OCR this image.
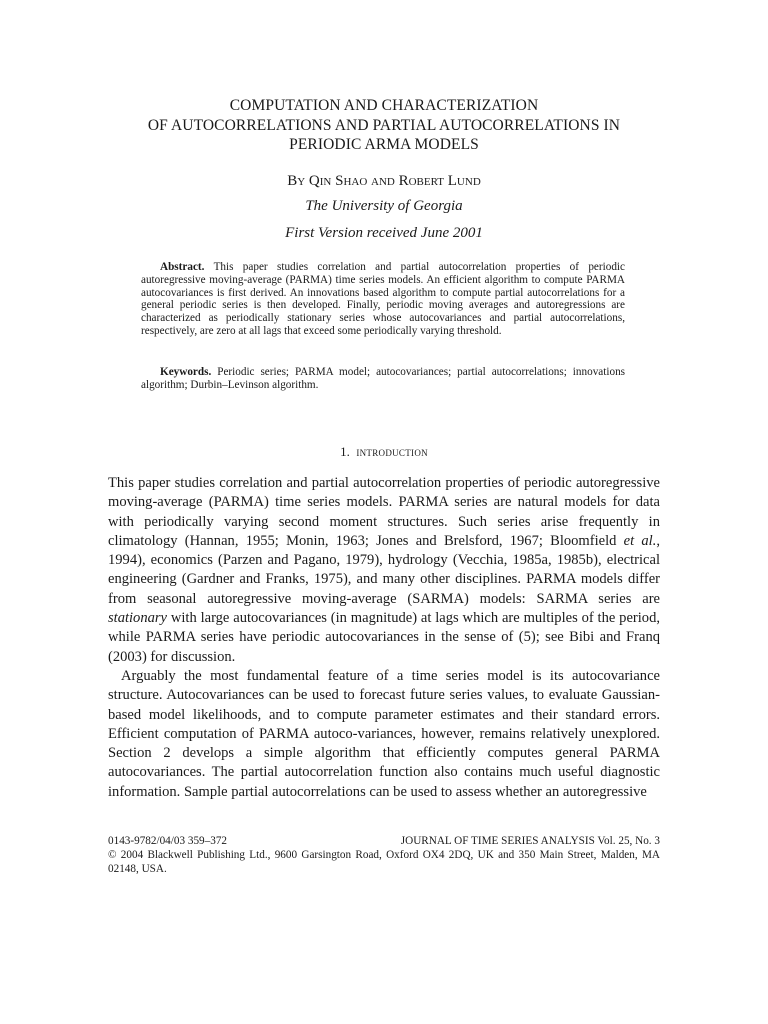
COMPUTATION AND CHARACTERIZATION
OF AUTOCORRELATIONS AND PARTIAL AUTOCORRELATIONS IN
PERIODIC ARMA MODELS
By Qin Shao and Robert Lund
The University of Georgia
First Version received June 2001
Abstract. This paper studies correlation and partial autocorrelation properties of periodic autoregressive moving-average (PARMA) time series models. An efficient algorithm to compute PARMA autocovariances is first derived. An innovations based algorithm to compute partial autocorrelations for a general periodic series is then developed. Finally, periodic moving averages and autoregressions are characterized as periodically stationary series whose autocovariances and partial autocorrelations, respectively, are zero at all lags that exceed some periodically varying threshold.
Keywords. Periodic series; PARMA model; autocovariances; partial autocorrelations; innovations algorithm; Durbin–Levinson algorithm.
1. introduction

This paper studies correlation and partial autocorrelation properties of periodic autoregressive moving-average (PARMA) time series models. PARMA series are natural models for data with periodically varying second moment structures. Such series arise frequently in climatology (Hannan, 1955; Monin, 1963; Jones and Brelsford, 1967; Bloomfield et al., 1994), economics (Parzen and Pagano, 1979), hydrology (Vecchia, 1985a, 1985b), electrical engineering (Gardner and Franks, 1975), and many other disciplines. PARMA models differ from seasonal autoregressive moving-average (SARMA) models: SARMA series are stationary with large autocovariances (in magnitude) at lags which are multiples of the period, while PARMA series have periodic autocovariances in the sense of (5); see Bibi and Franq (2003) for discussion.

Arguably the most fundamental feature of a time series model is its autocovariance structure. Autocovariances can be used to forecast future series values, to evaluate Gaussian-based model likelihoods, and to compute parameter estimates and their standard errors. Efficient computation of PARMA autoco-variances, however, remains relatively unexplored. Section 2 develops a simple algorithm that efficiently computes general PARMA autocovariances. The partial autocorrelation function also contains much useful diagnostic information. Sample partial autocorrelations can be used to assess whether an autoregressive

0143-9782/04/03 359–372	JOURNAL OF TIME SERIES ANALYSIS Vol. 25, No. 3
© 2004 Blackwell Publishing Ltd., 9600 Garsington Road, Oxford OX4 2DQ, UK and 350 Main Street, Malden, MA 02148, USA.
